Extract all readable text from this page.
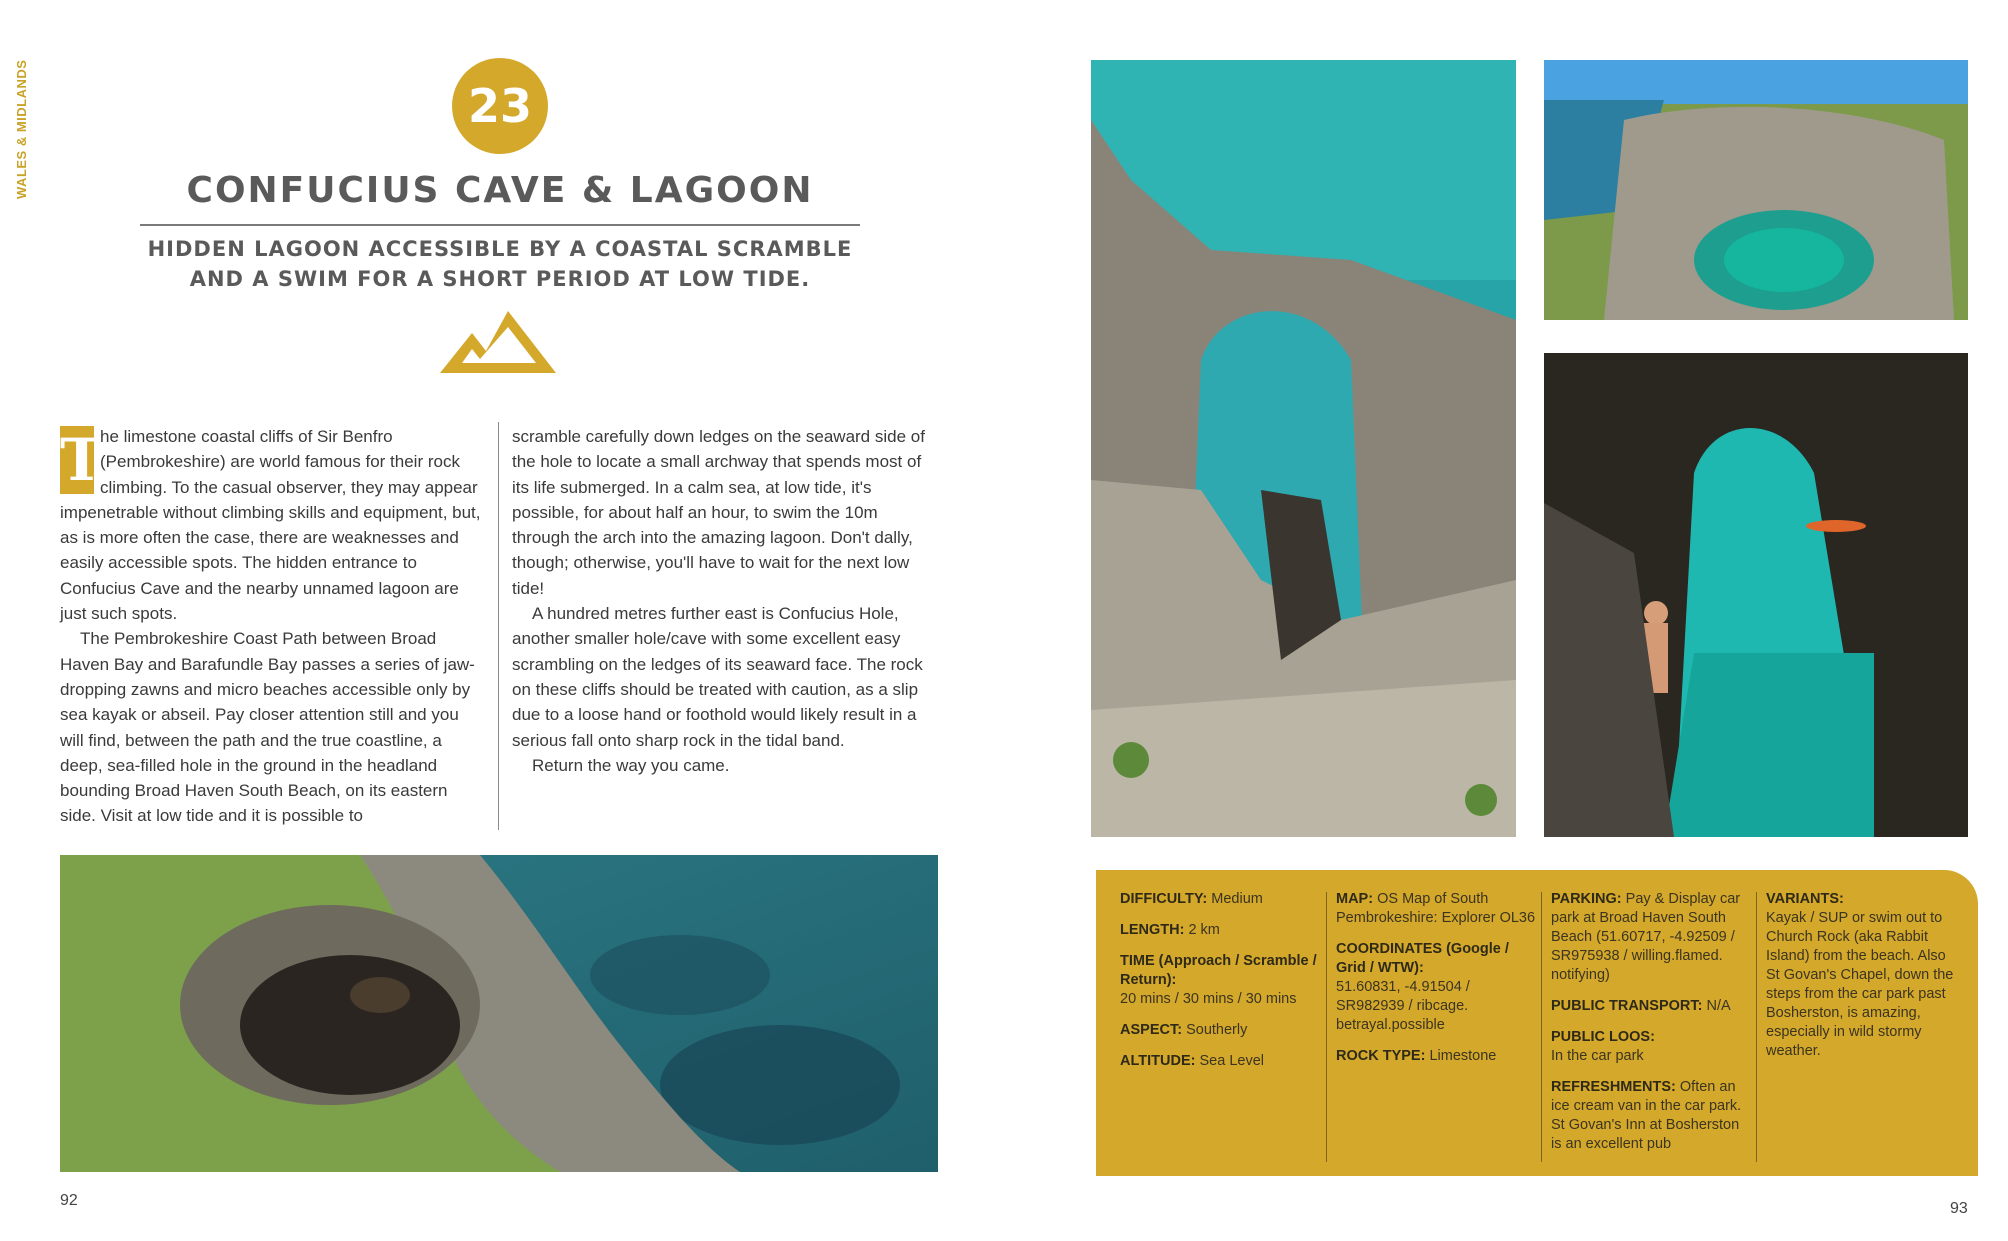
WALES & MIDLANDS	23
CONFUCIUS CAVE & LAGOON
HIDDEN LAGOON ACCESSIBLE BY A COASTAL SCRAMBLE
AND A SWIM FOR A SHORT PERIOD AT LOW TIDE.

T
he limestone coastal cliffs of Sir Benfro (Pembrokeshire) are world famous for their rock climbing. To the casual observer, they may appear impenetrable without climbing skills and equipment, but, as is more often the case, there are weaknesses and easily accessible spots. The hidden entrance to Confucius Cave and the nearby unnamed lagoon are just such spots.

The Pembrokeshire Coast Path between Broad Haven Bay and Barafundle Bay passes a series of jaw-dropping zawns and micro beaches accessible only by sea kayak or abseil. Pay closer attention still and you will find, between the path and the true coastline, a deep, sea-filled hole in the ground in the headland bounding Broad Haven South Beach, on its eastern side. Visit at low tide and it is possible to

scramble carefully down ledges on the seaward side of the hole to locate a small archway that spends most of its life submerged. In a calm sea, at low tide, it's possible, for about half an hour, to swim the 10m through the arch into the amazing lagoon. Don't dally, though; otherwise, you'll have to wait for the next low tide!

A hundred metres further east is Confucius Hole, another smaller hole/cave with some excellent easy scrambling on the ledges of its seaward face. The rock on these cliffs should be treated with caution, as a slip due to a loose hand or foothold would likely result in a serious fall onto sharp rock in the tidal band.

Return the way you came.

92
DIFFICULTY: Medium
LENGTH: 2 km
TIME (Approach / Scramble / Return):
20 mins / 30 mins / 30 mins
ASPECT: Southerly
ALTITUDE: Sea Level
MAP: OS Map of South Pembrokeshire: Explorer OL36
COORDINATES (Google / Grid / WTW):
51.60831, -4.91504 / SR982939 / ribcage. betrayal.possible
ROCK TYPE: Limestone
PARKING: Pay & Display car park at Broad Haven South Beach (51.60717, -4.92509 / SR975938 / willing.flamed. notifying)
PUBLIC TRANSPORT: N/A
PUBLIC LOOS:
In the car park
REFRESHMENTS: Often an ice cream van in the car park. St Govan's Inn at Bosherston is an excellent pub
VARIANTS:
Kayak / SUP or swim out to Church Rock (aka Rabbit Island) from the beach. Also St Govan's Chapel, down the steps from the car park past Bosherston, is amazing, especially in wild stormy weather.
93
